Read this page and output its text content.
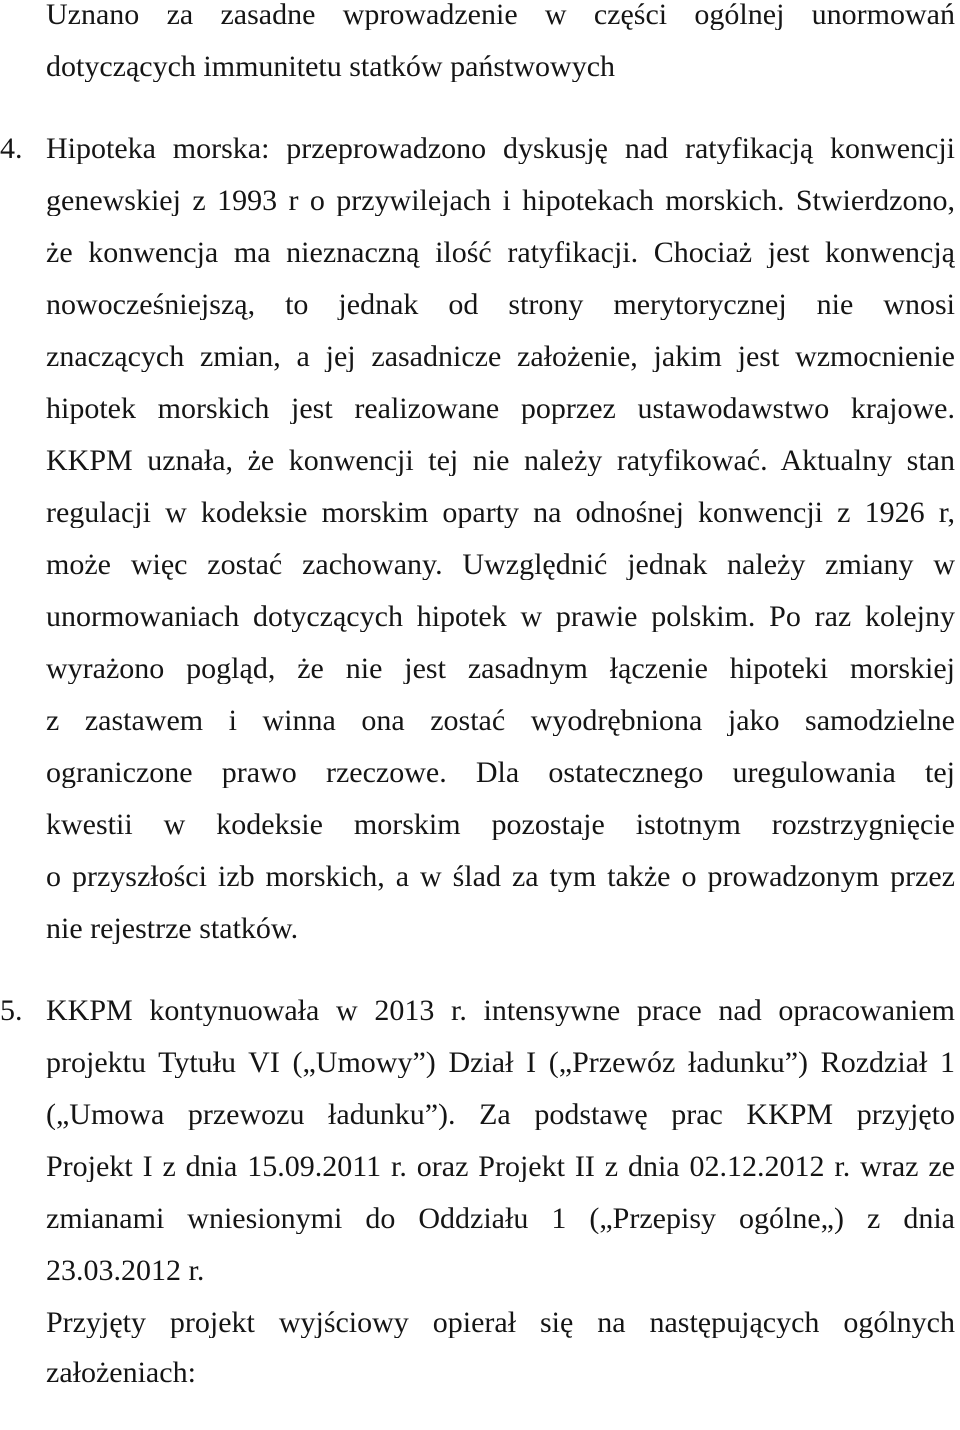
Uznano za zasadne wprowadzenie w części ogólnej unormowań
dotyczących immunitetu statków państwowych
4. Hipoteka morska: przeprowadzono dyskusję nad ratyfikacją konwencji
genewskiej z 1993 r o przywilejach i hipotekach morskich. Stwierdzono,
że konwencja ma nieznaczną ilość ratyfikacji. Chociaż jest konwencją
nowocześniejszą, to jednak od strony merytorycznej nie wnosi
znaczących zmian, a jej zasadnicze założenie, jakim jest wzmocnienie
hipotek morskich jest realizowane poprzez ustawodawstwo krajowe.
KKPM uznała, że konwencji tej nie należy ratyfikować. Aktualny stan
regulacji w kodeksie morskim oparty na odnośnej konwencji z 1926 r,
może więc zostać zachowany. Uwzględnić jednak należy zmiany w
unormowaniach dotyczących hipotek w prawie polskim. Po raz kolejny
wyrażono pogląd, że nie jest zasadnym łączenie hipoteki morskiej
z zastawem i winna ona zostać wyodrębniona jako samodzielne
ograniczone prawo rzeczowe. Dla ostatecznego uregulowania tej
kwestii w kodeksie morskim pozostaje istotnym rozstrzygnięcie
o przyszłości izb morskich, a w ślad za tym także o prowadzonym przez
nie rejestrze statków.
5. KKPM kontynuowała w 2013 r. intensywne prace nad opracowaniem
projektu Tytułu VI („Umowy”) Dział I („Przewóz ładunku”) Rozdział 1
(„Umowa przewozu ładunku”). Za podstawę prac KKPM przyjęto
Projekt I z dnia 15.09.2011 r. oraz Projekt II z dnia 02.12.2012 r. wraz ze
zmianami wniesionymi do Oddziału 1 („Przepisy ogólne„) z dnia
23.03.2012 r.
Przyjęty projekt wyjściowy opierał się na następujących ogólnych
założeniach:
